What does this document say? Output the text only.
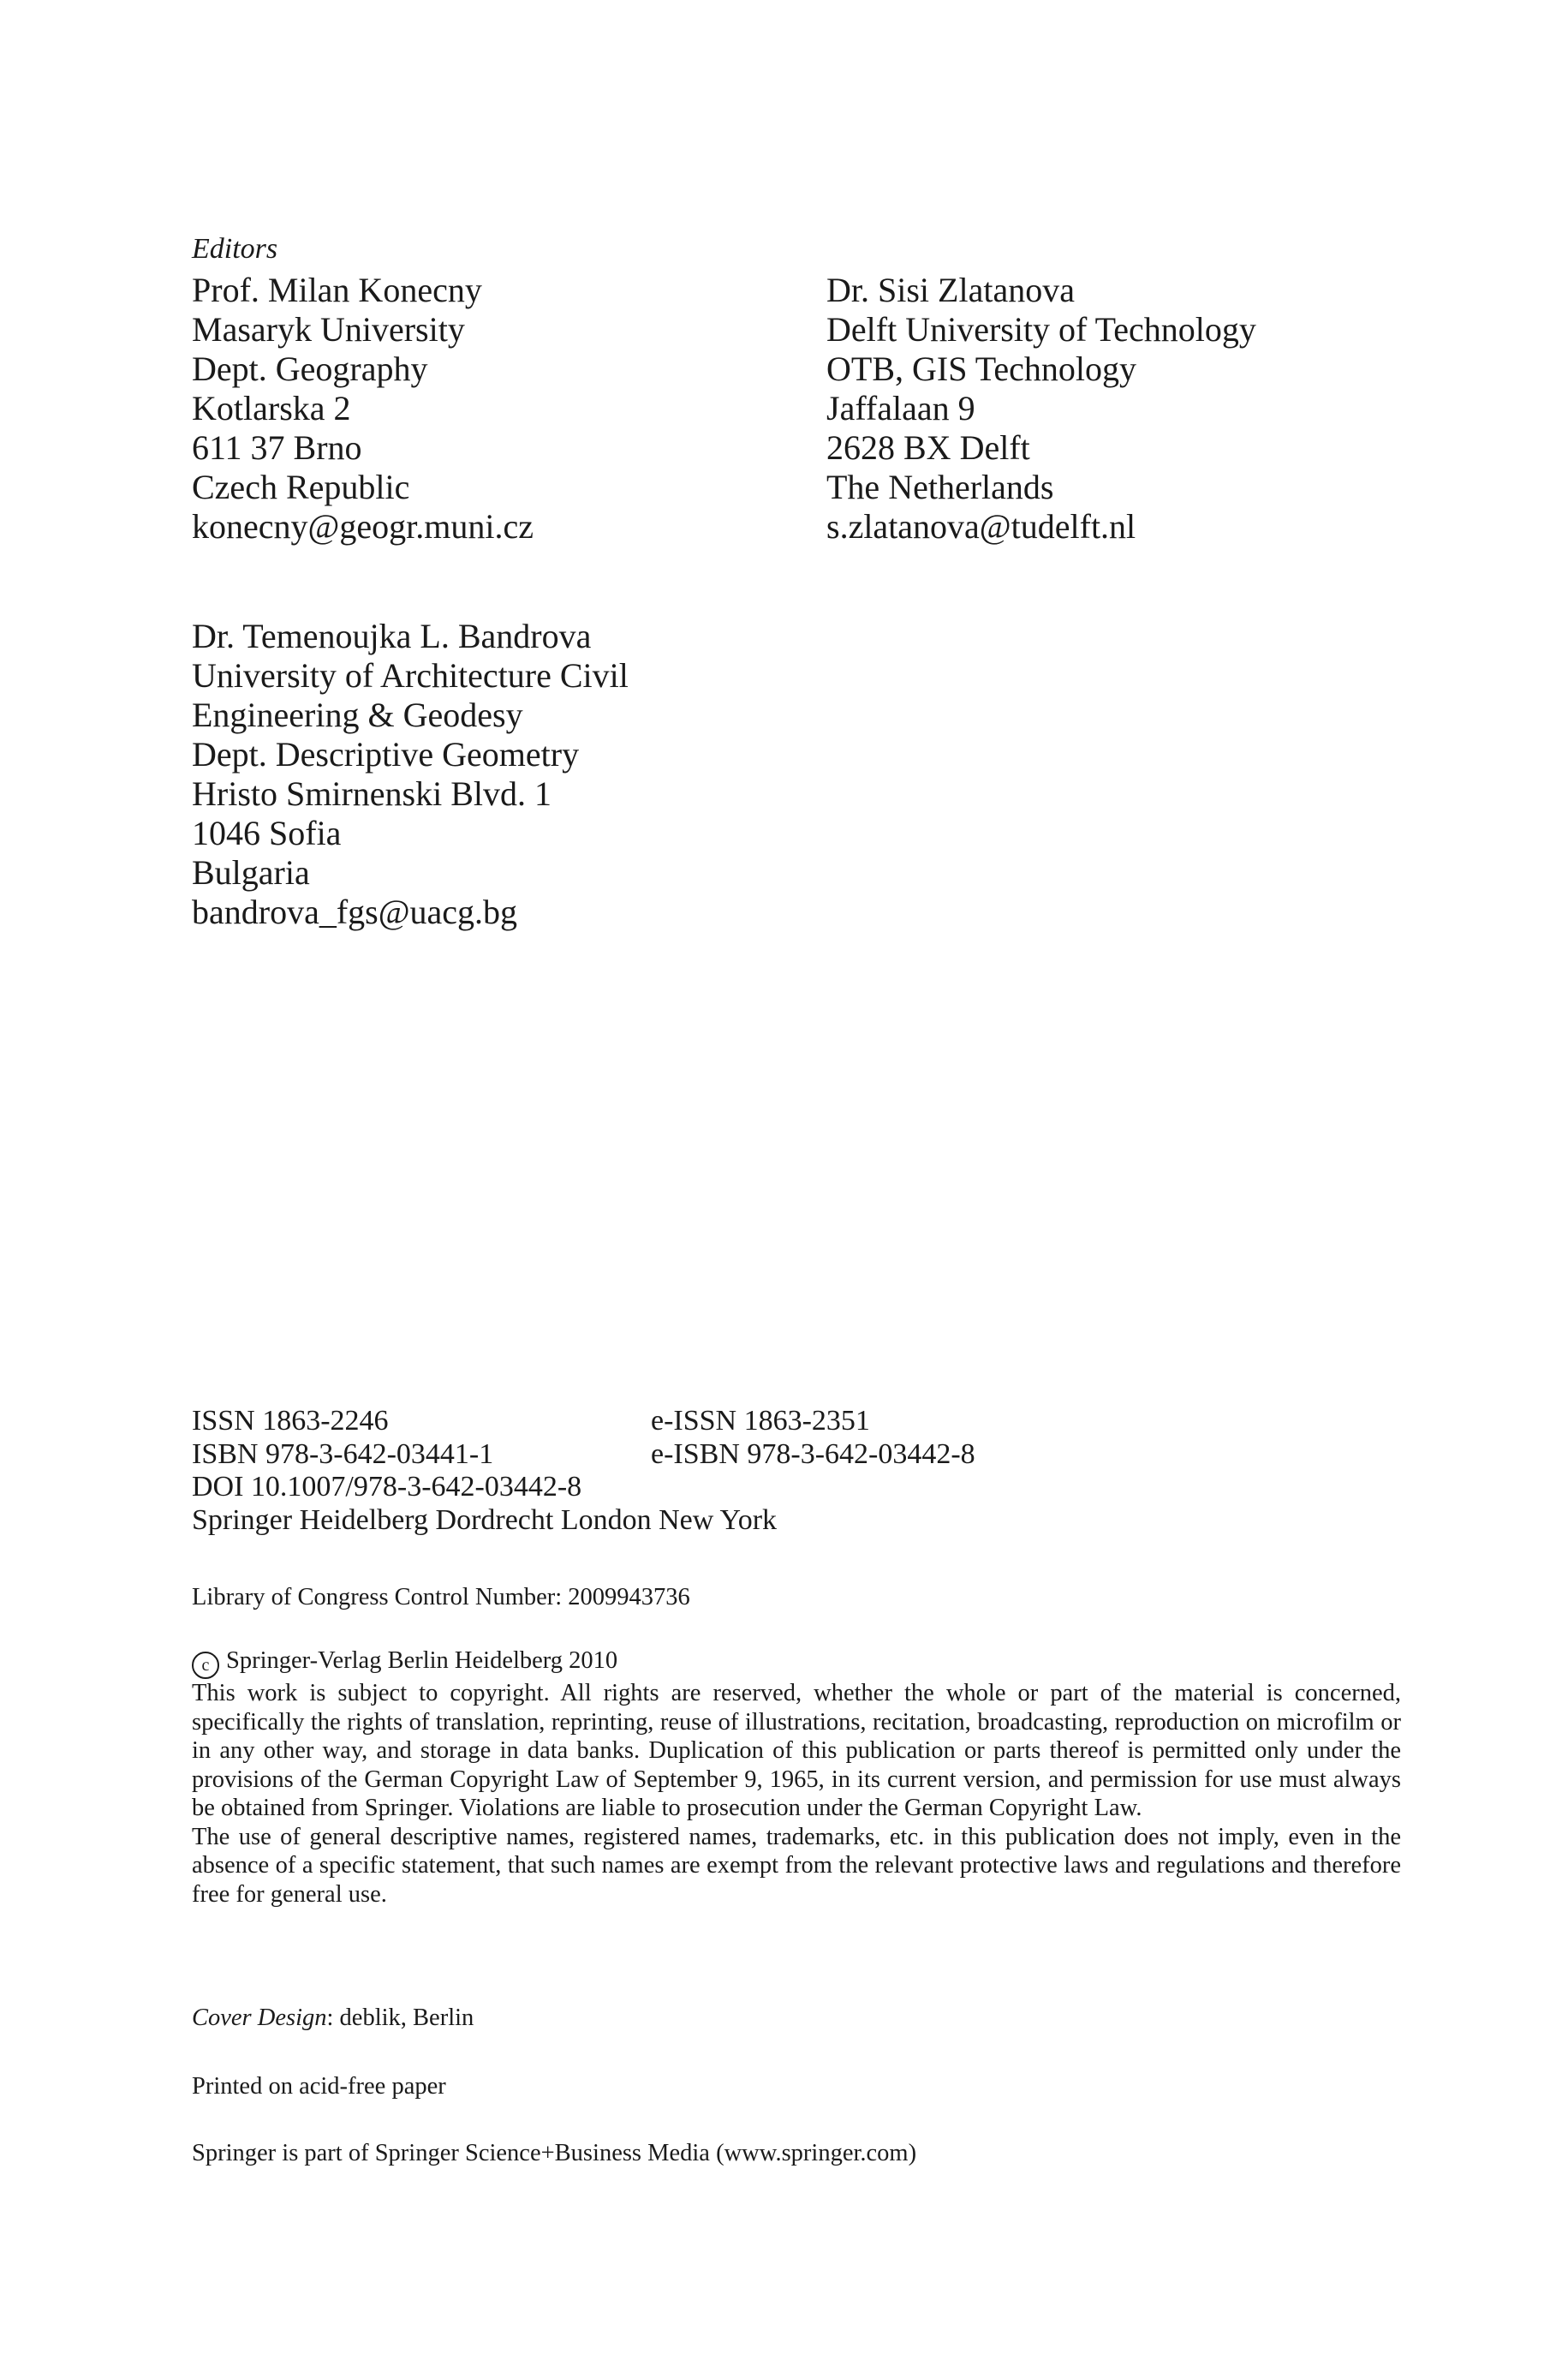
Editors
Prof. Milan Konecny
Masaryk University
Dept. Geography
Kotlarska 2
611 37 Brno
Czech Republic
konecny@geogr.muni.cz
Dr. Sisi Zlatanova
Delft University of Technology
OTB, GIS Technology
Jaffalaan 9
2628 BX Delft
The Netherlands
s.zlatanova@tudelft.nl
Dr. Temenoujka L. Bandrova
University of Architecture Civil
Engineering & Geodesy
Dept. Descriptive Geometry
Hristo Smirnenski Blvd. 1
1046 Sofia
Bulgaria
bandrova_fgs@uacg.bg
ISSN 1863-2246	e-ISSN 1863-2351
ISBN 978-3-642-03441-1	e-ISBN 978-3-642-03442-8
DOI 10.1007/978-3-642-03442-8
Springer Heidelberg Dordrecht London New York
Library of Congress Control Number: 2009943736
c Springer-Verlag Berlin Heidelberg 2010

This work is subject to copyright. All rights are reserved, whether the whole or part of the material is concerned, specifically the rights of translation, reprinting, reuse of illustrations, recitation, broadcasting, reproduction on microfilm or in any other way, and storage in data banks. Duplication of this publication or parts thereof is permitted only under the provisions of the German Copyright Law of September 9, 1965, in its current version, and permission for use must always be obtained from Springer. Violations are liable to prosecution under the German Copyright Law.

The use of general descriptive names, registered names, trademarks, etc. in this publication does not imply, even in the absence of a specific statement, that such names are exempt from the relevant protective laws and regulations and therefore free for general use.

Cover Design: deblik, Berlin
Printed on acid-free paper
Springer is part of Springer Science+Business Media (www.springer.com)
